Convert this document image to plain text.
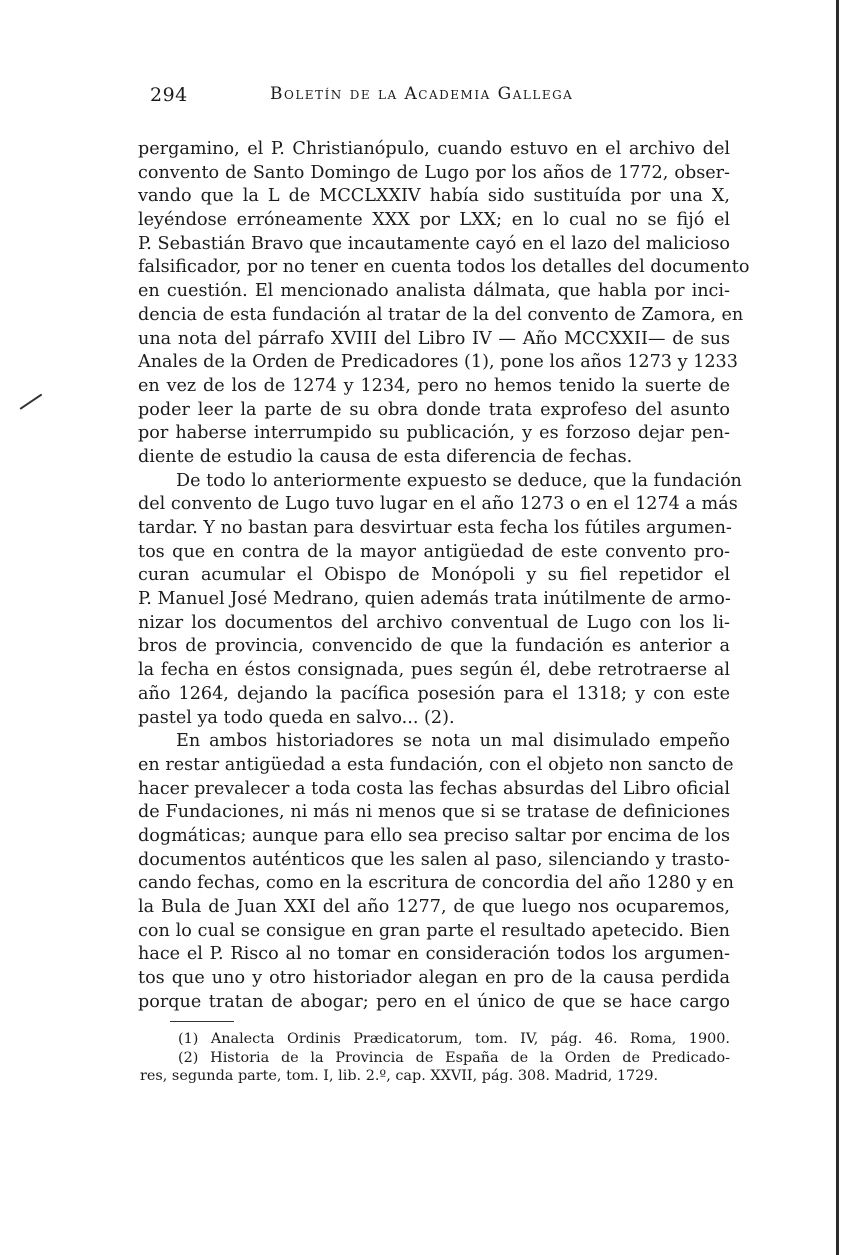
294	Boletín de la Academia Gallega
pergamino, el P. Christianópulo, cuando estuvo en el archivo del
convento de Santo Domingo de Lugo por los años de 1772, obser-
vando que la L de MCCLXXIV había sido sustituída por una X,
leyéndose erróneamente XXX por LXX; en lo cual no se fijó el
P. Sebastián Bravo que incautamente cayó en el lazo del malicioso
falsificador, por no tener en cuenta todos los detalles del documento
en cuestión. El mencionado analista dálmata, que habla por inci-
dencia de esta fundación al tratar de la del convento de Zamora, en
una nota del párrafo XVIII del Libro IV — Año MCCXXII— de sus
Anales de la Orden de Predicadores (1), pone los años 1273 y 1233
en vez de los de 1274 y 1234, pero no hemos tenido la suerte de
poder leer la parte de su obra donde trata exprofeso del asunto
por haberse interrumpido su publicación, y es forzoso dejar pen-
diente de estudio la causa de esta diferencia de fechas.
De todo lo anteriormente expuesto se deduce, que la fundación
del convento de Lugo tuvo lugar en el año 1273 o en el 1274 a más
tardar. Y no bastan para desvirtuar esta fecha los fútiles argumen-
tos que en contra de la mayor antigüedad de este convento pro-
curan acumular el Obispo de Monópoli y su fiel repetidor el
P. Manuel José Medrano, quien además trata inútilmente de armo-
nizar los documentos del archivo conventual de Lugo con los li-
bros de provincia, convencido de que la fundación es anterior a
la fecha en éstos consignada, pues según él, debe retrotraerse al
año 1264, dejando la pacífica posesión para el 1318; y con este
pastel ya todo queda en salvo... (2).
En ambos historiadores se nota un mal disimulado empeño
en restar antigüedad a esta fundación, con el objeto non sancto de
hacer prevalecer a toda costa las fechas absurdas del Libro oficial
de Fundaciones, ni más ni menos que si se tratase de definiciones
dogmáticas; aunque para ello sea preciso saltar por encima de los
documentos auténticos que les salen al paso, silenciando y trasto-
cando fechas, como en la escritura de concordia del año 1280 y en
la Bula de Juan XXI del año 1277, de que luego nos ocuparemos,
con lo cual se consigue en gran parte el resultado apetecido. Bien
hace el P. Risco al no tomar en consideración todos los argumen-
tos que uno y otro historiador alegan en pro de la causa perdida
porque tratan de abogar; pero en el único de que se hace cargo
(1) Analecta Ordinis Prædicatorum, tom. IV, pág. 46. Roma, 1900.
(2) Historia de la Provincia de España de la Orden de Predicado-
res, segunda parte, tom. I, lib. 2.º, cap. XXVII, pág. 308. Madrid, 1729.
